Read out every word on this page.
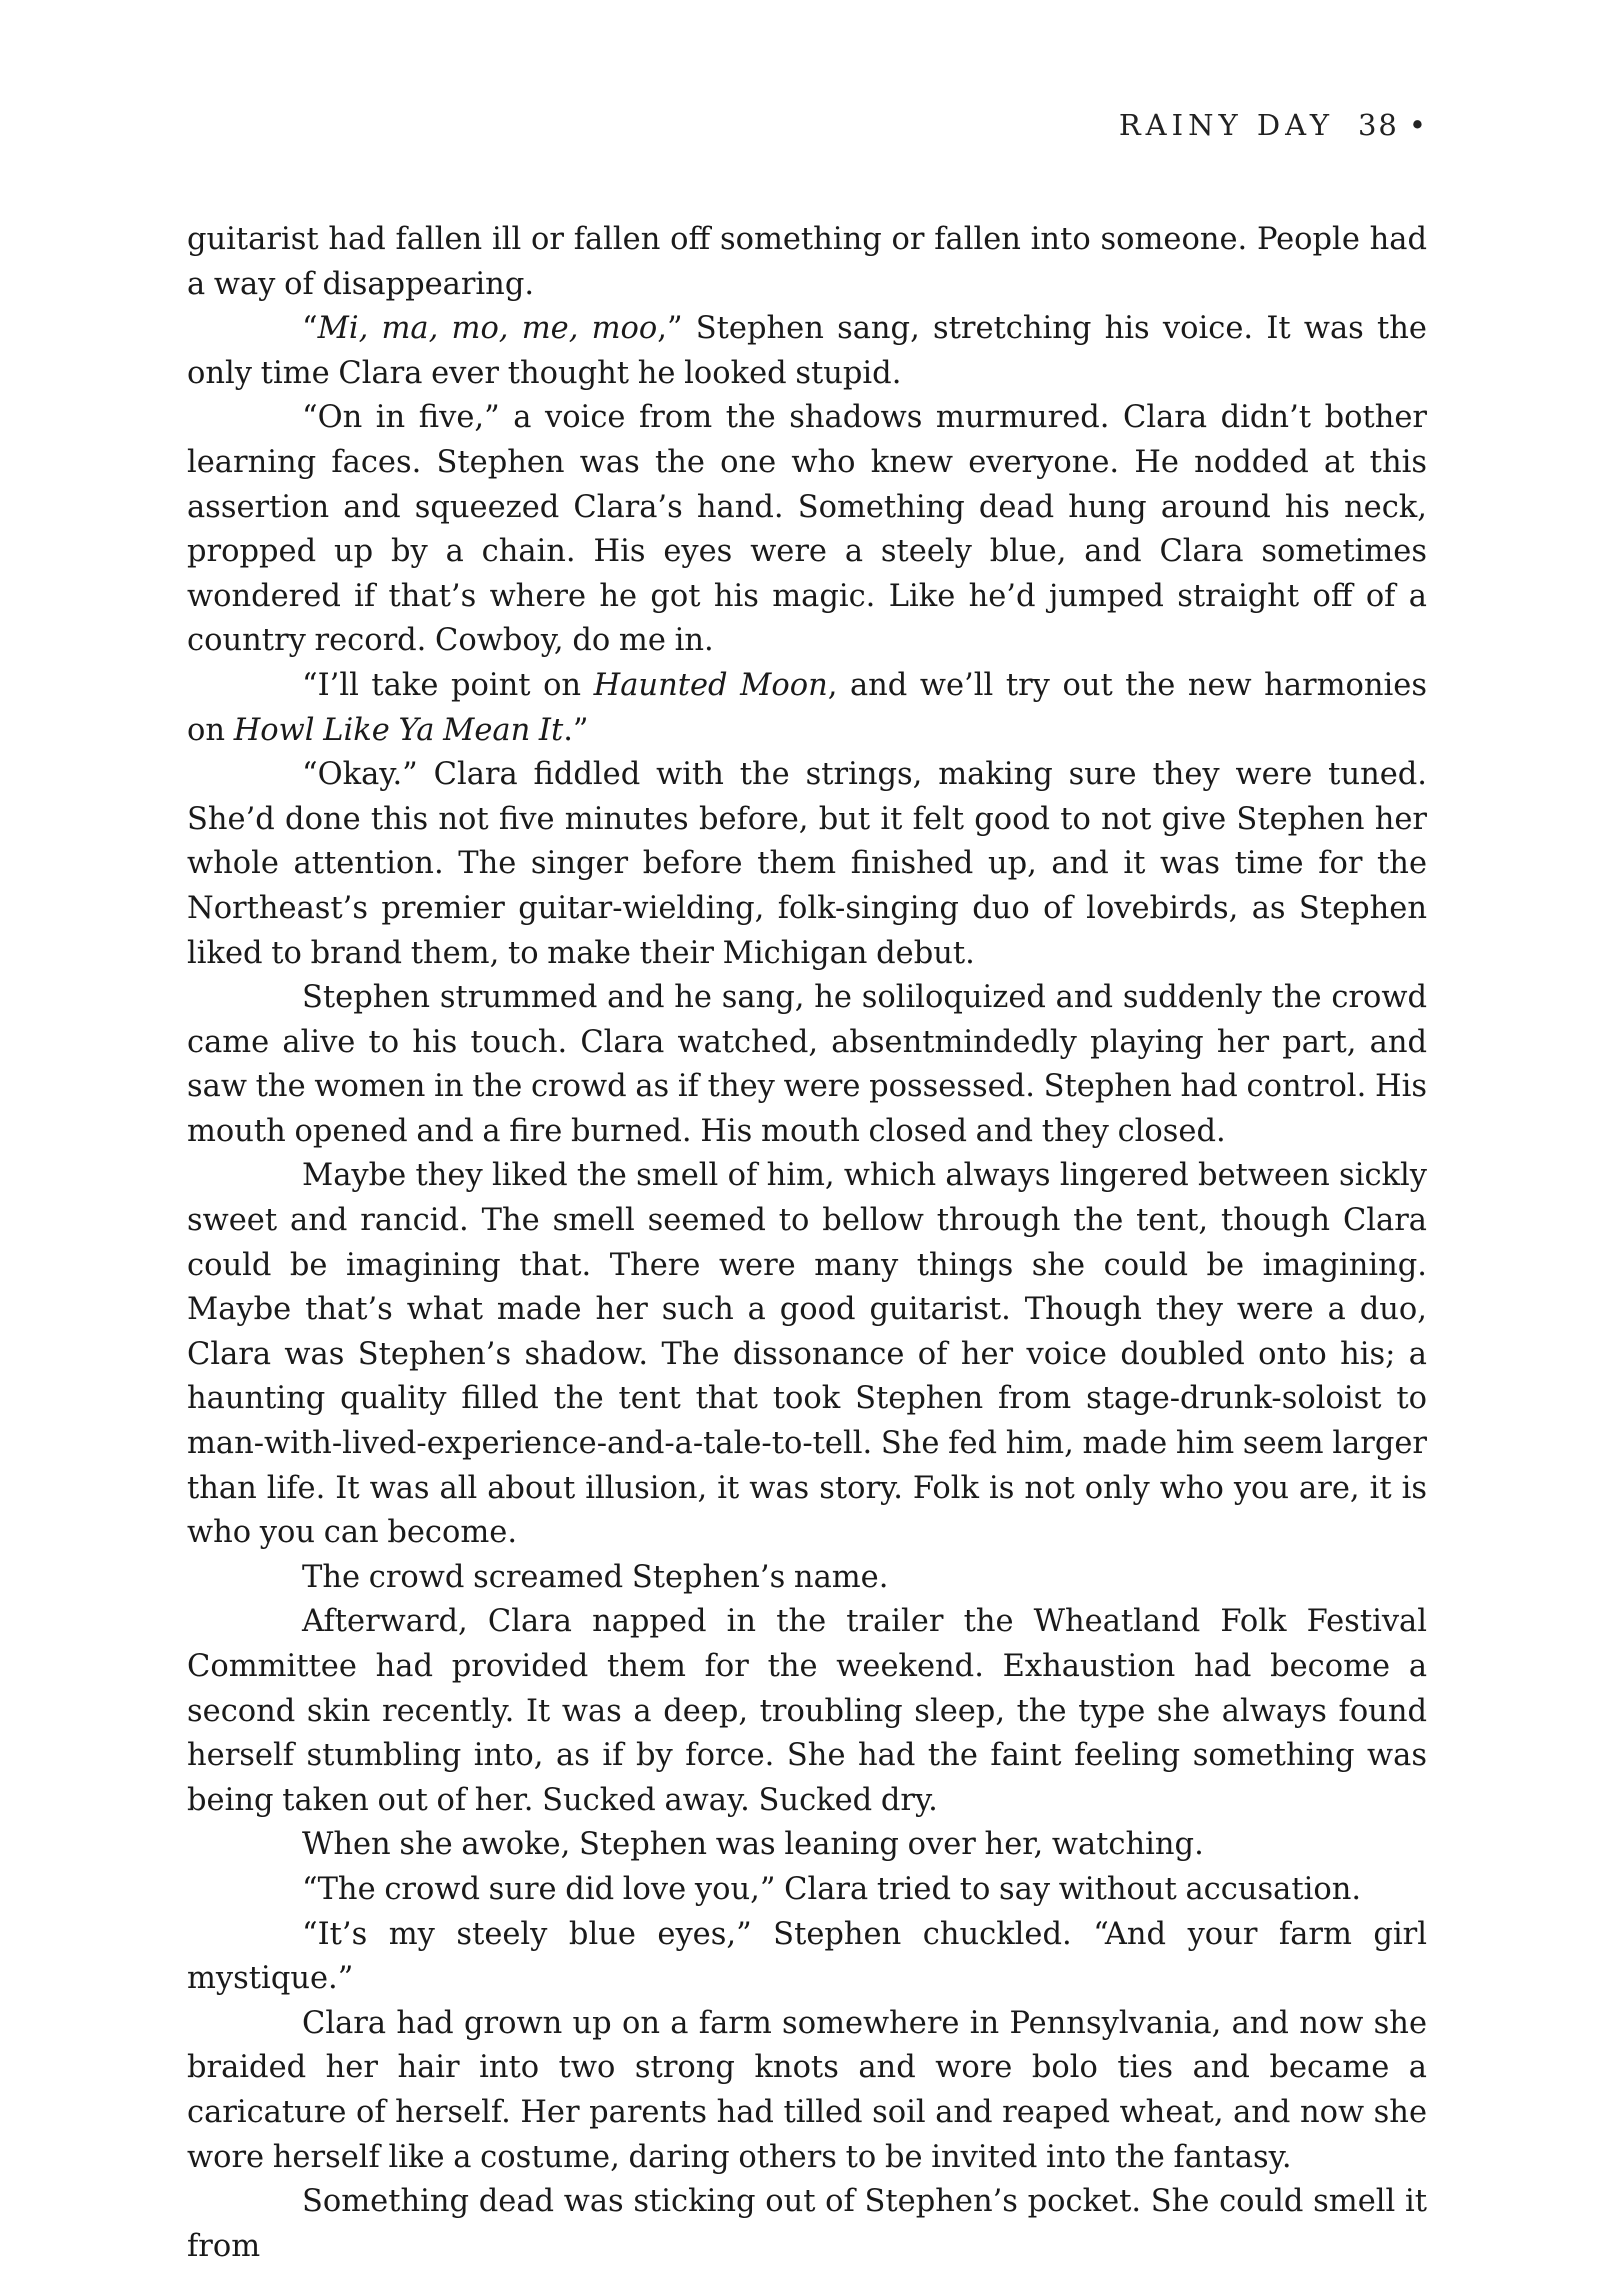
RAINY DAY 38 •

guitarist had fallen ill or fallen off something or fallen into someone. People had a way of disappearing.

“Mi, ma, mo, me, moo,” Stephen sang, stretching his voice. It was the only time Clara ever thought he looked stupid.

“On in five,” a voice from the shadows murmured. Clara didn’t bother learning faces. Stephen was the one who knew everyone. He nodded at this assertion and squeezed Clara’s hand. Something dead hung around his neck, propped up by a chain. His eyes were a steely blue, and Clara sometimes wondered if that’s where he got his magic. Like he’d jumped straight off of a country record. Cowboy, do me in.

“I’ll take point on Haunted Moon, and we’ll try out the new harmonies on Howl Like Ya Mean It.”

“Okay.” Clara fiddled with the strings, making sure they were tuned. She’d done this not five minutes before, but it felt good to not give Stephen her whole attention. The singer before them finished up, and it was time for the Northeast’s premier guitar-wielding, folk-singing duo of lovebirds, as Stephen liked to brand them, to make their Michigan debut.

Stephen strummed and he sang, he soliloquized and suddenly the crowd came alive to his touch. Clara watched, absentmindedly playing her part, and saw the women in the crowd as if they were possessed. Stephen had control. His mouth opened and a fire burned. His mouth closed and they closed.

Maybe they liked the smell of him, which always lingered between sickly sweet and rancid. The smell seemed to bellow through the tent, though Clara could be imagining that. There were many things she could be imagining. Maybe that’s what made her such a good guitarist. Though they were a duo, Clara was Stephen’s shadow. The dissonance of her voice doubled onto his; a haunting quality filled the tent that took Stephen from stage-drunk-soloist to man-with-lived-experience-and-a-tale-to-tell. She fed him, made him seem larger than life. It was all about illusion, it was story. Folk is not only who you are, it is who you can become.

The crowd screamed Stephen’s name.

Afterward, Clara napped in the trailer the Wheatland Folk Festival Committee had provided them for the weekend. Exhaustion had become a second skin recently. It was a deep, troubling sleep, the type she always found herself stumbling into, as if by force. She had the faint feeling something was being taken out of her. Sucked away. Sucked dry.

When she awoke, Stephen was leaning over her, watching.

“The crowd sure did love you,” Clara tried to say without accusation.

“It’s my steely blue eyes,” Stephen chuckled. “And your farm girl mystique.”

Clara had grown up on a farm somewhere in Pennsylvania, and now she braided her hair into two strong knots and wore bolo ties and became a caricature of herself. Her parents had tilled soil and reaped wheat, and now she wore herself like a costume, daring others to be invited into the fantasy.

Something dead was sticking out of Stephen’s pocket. She could smell it from
